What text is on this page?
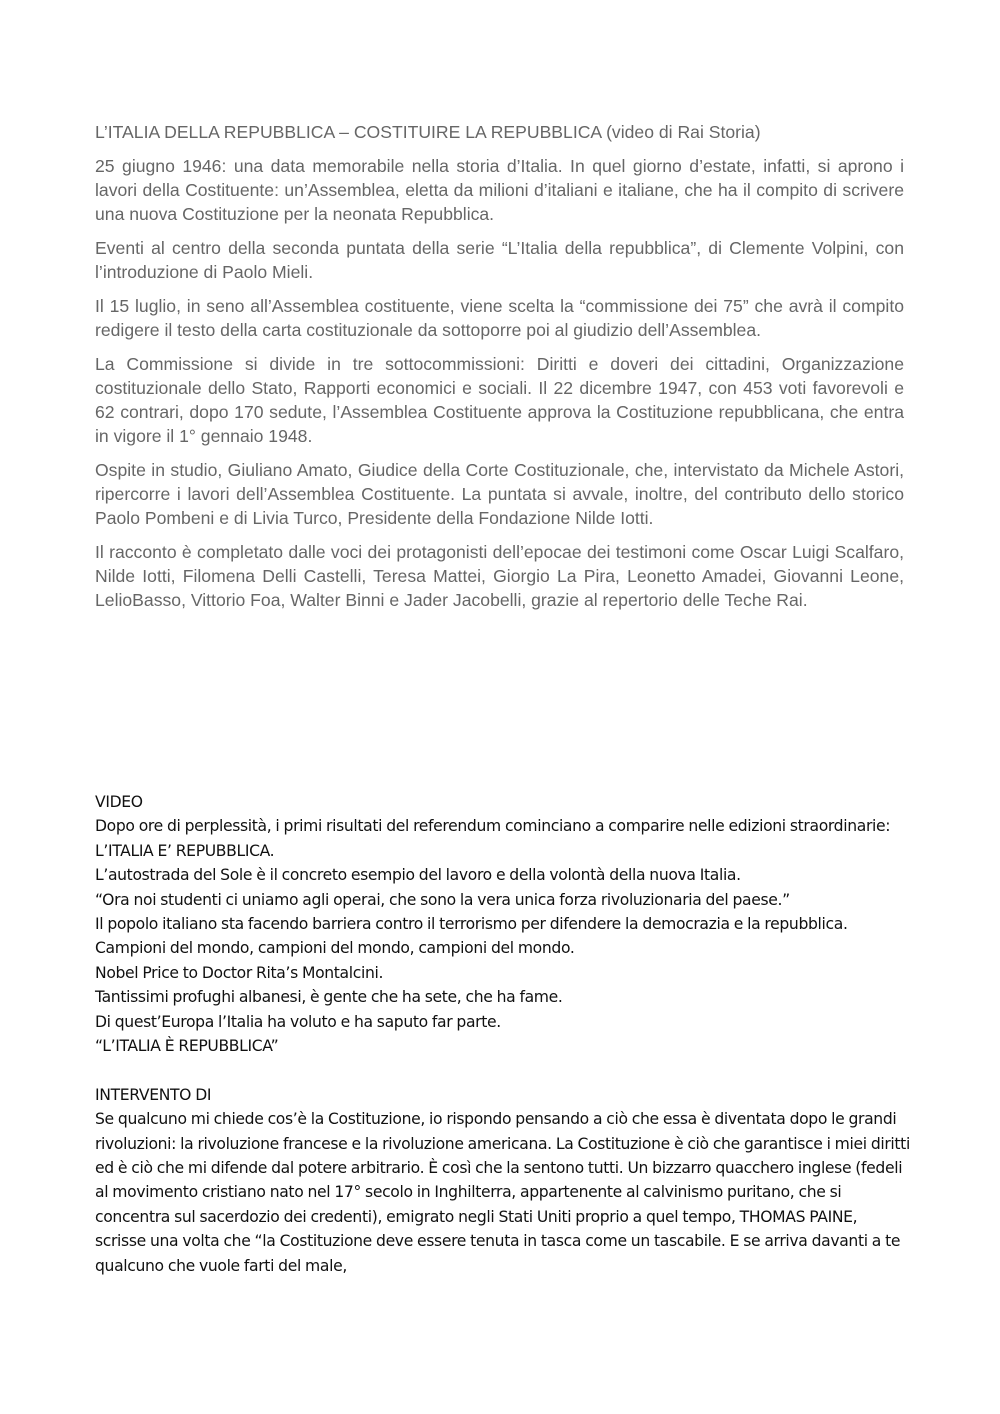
L’ITALIA DELLA REPUBBLICA – COSTITUIRE LA REPUBBLICA (video di Rai Storia)

25 giugno 1946: una data memorabile nella storia d’Italia. In quel giorno d’estate, infatti, si aprono i lavori della Costituente: un’Assemblea, eletta da milioni d’italiani e italiane, che ha il compito di scrivere una nuova Costituzione per la neonata Repubblica.

Eventi al centro della seconda puntata della serie “L’Italia della repubblica”, di Clemente Volpini, con l’introduzione di Paolo Mieli.

Il 15 luglio, in seno all’Assemblea costituente, viene scelta la “commissione dei 75” che avrà il compito redigere il testo della carta costituzionale da sottoporre poi al giudizio dell’Assemblea.

La Commissione si divide in tre sottocommissioni: Diritti e doveri dei cittadini, Organizzazione costituzionale dello Stato, Rapporti economici e sociali. Il 22 dicembre 1947, con 453 voti favorevoli e 62 contrari, dopo 170 sedute, l’Assemblea Costituente approva la Costituzione repubblicana, che entra in vigore il 1° gennaio 1948.

Ospite in studio, Giuliano Amato, Giudice della Corte Costituzionale, che, intervistato da Michele Astori, ripercorre i lavori dell’Assemblea Costituente. La puntata si avvale, inoltre, del contributo dello storico Paolo Pombeni e di Livia Turco, Presidente della Fondazione Nilde Iotti.

Il racconto è completato dalle voci dei protagonisti dell’epocae dei testimoni come Oscar Luigi Scalfaro, Nilde Iotti, Filomena Delli Castelli, Teresa Mattei, Giorgio La Pira, Leonetto Amadei, Giovanni Leone, LelioBasso, Vittorio Foa, Walter Binni e Jader Jacobelli, grazie al repertorio delle Teche Rai.

VIDEO
Dopo ore di perplessità, i primi risultati del referendum cominciano a comparire nelle edizioni straordinarie: L’ITALIA E’ REPUBBLICA.
L’autostrada del Sole è il concreto esempio del lavoro e della volontà della nuova Italia.
“Ora noi studenti ci uniamo agli operai, che sono la vera unica forza rivoluzionaria del paese.”
Il popolo italiano sta facendo barriera contro il terrorismo per difendere la democrazia e la repubblica.
Campioni del mondo, campioni del mondo, campioni del mondo.
Nobel Price to Doctor Rita’s Montalcini.
Tantissimi profughi albanesi, è gente che ha sete, che ha fame.
Di quest’Europa l’Italia ha voluto e ha saputo far parte.
“L’ITALIA È REPUBBLICA”
INTERVENTO DI
Se qualcuno mi chiede cos’è la Costituzione, io rispondo pensando a ciò che essa è diventata dopo le grandi rivoluzioni: la rivoluzione francese e la rivoluzione americana. La Costituzione è ciò che garantisce i miei diritti ed è ciò che mi difende dal potere arbitrario. È così che la sentono tutti. Un bizzarro quacchero inglese (fedeli al movimento cristiano nato nel 17° secolo in Inghilterra, appartenente al calvinismo puritano, che si concentra sul sacerdozio dei credenti), emigrato negli Stati Uniti proprio a quel tempo, THOMAS PAINE, scrisse una volta che “la Costituzione deve essere tenuta in tasca come un tascabile. E se arriva davanti a te qualcuno che vuole farti del male,
